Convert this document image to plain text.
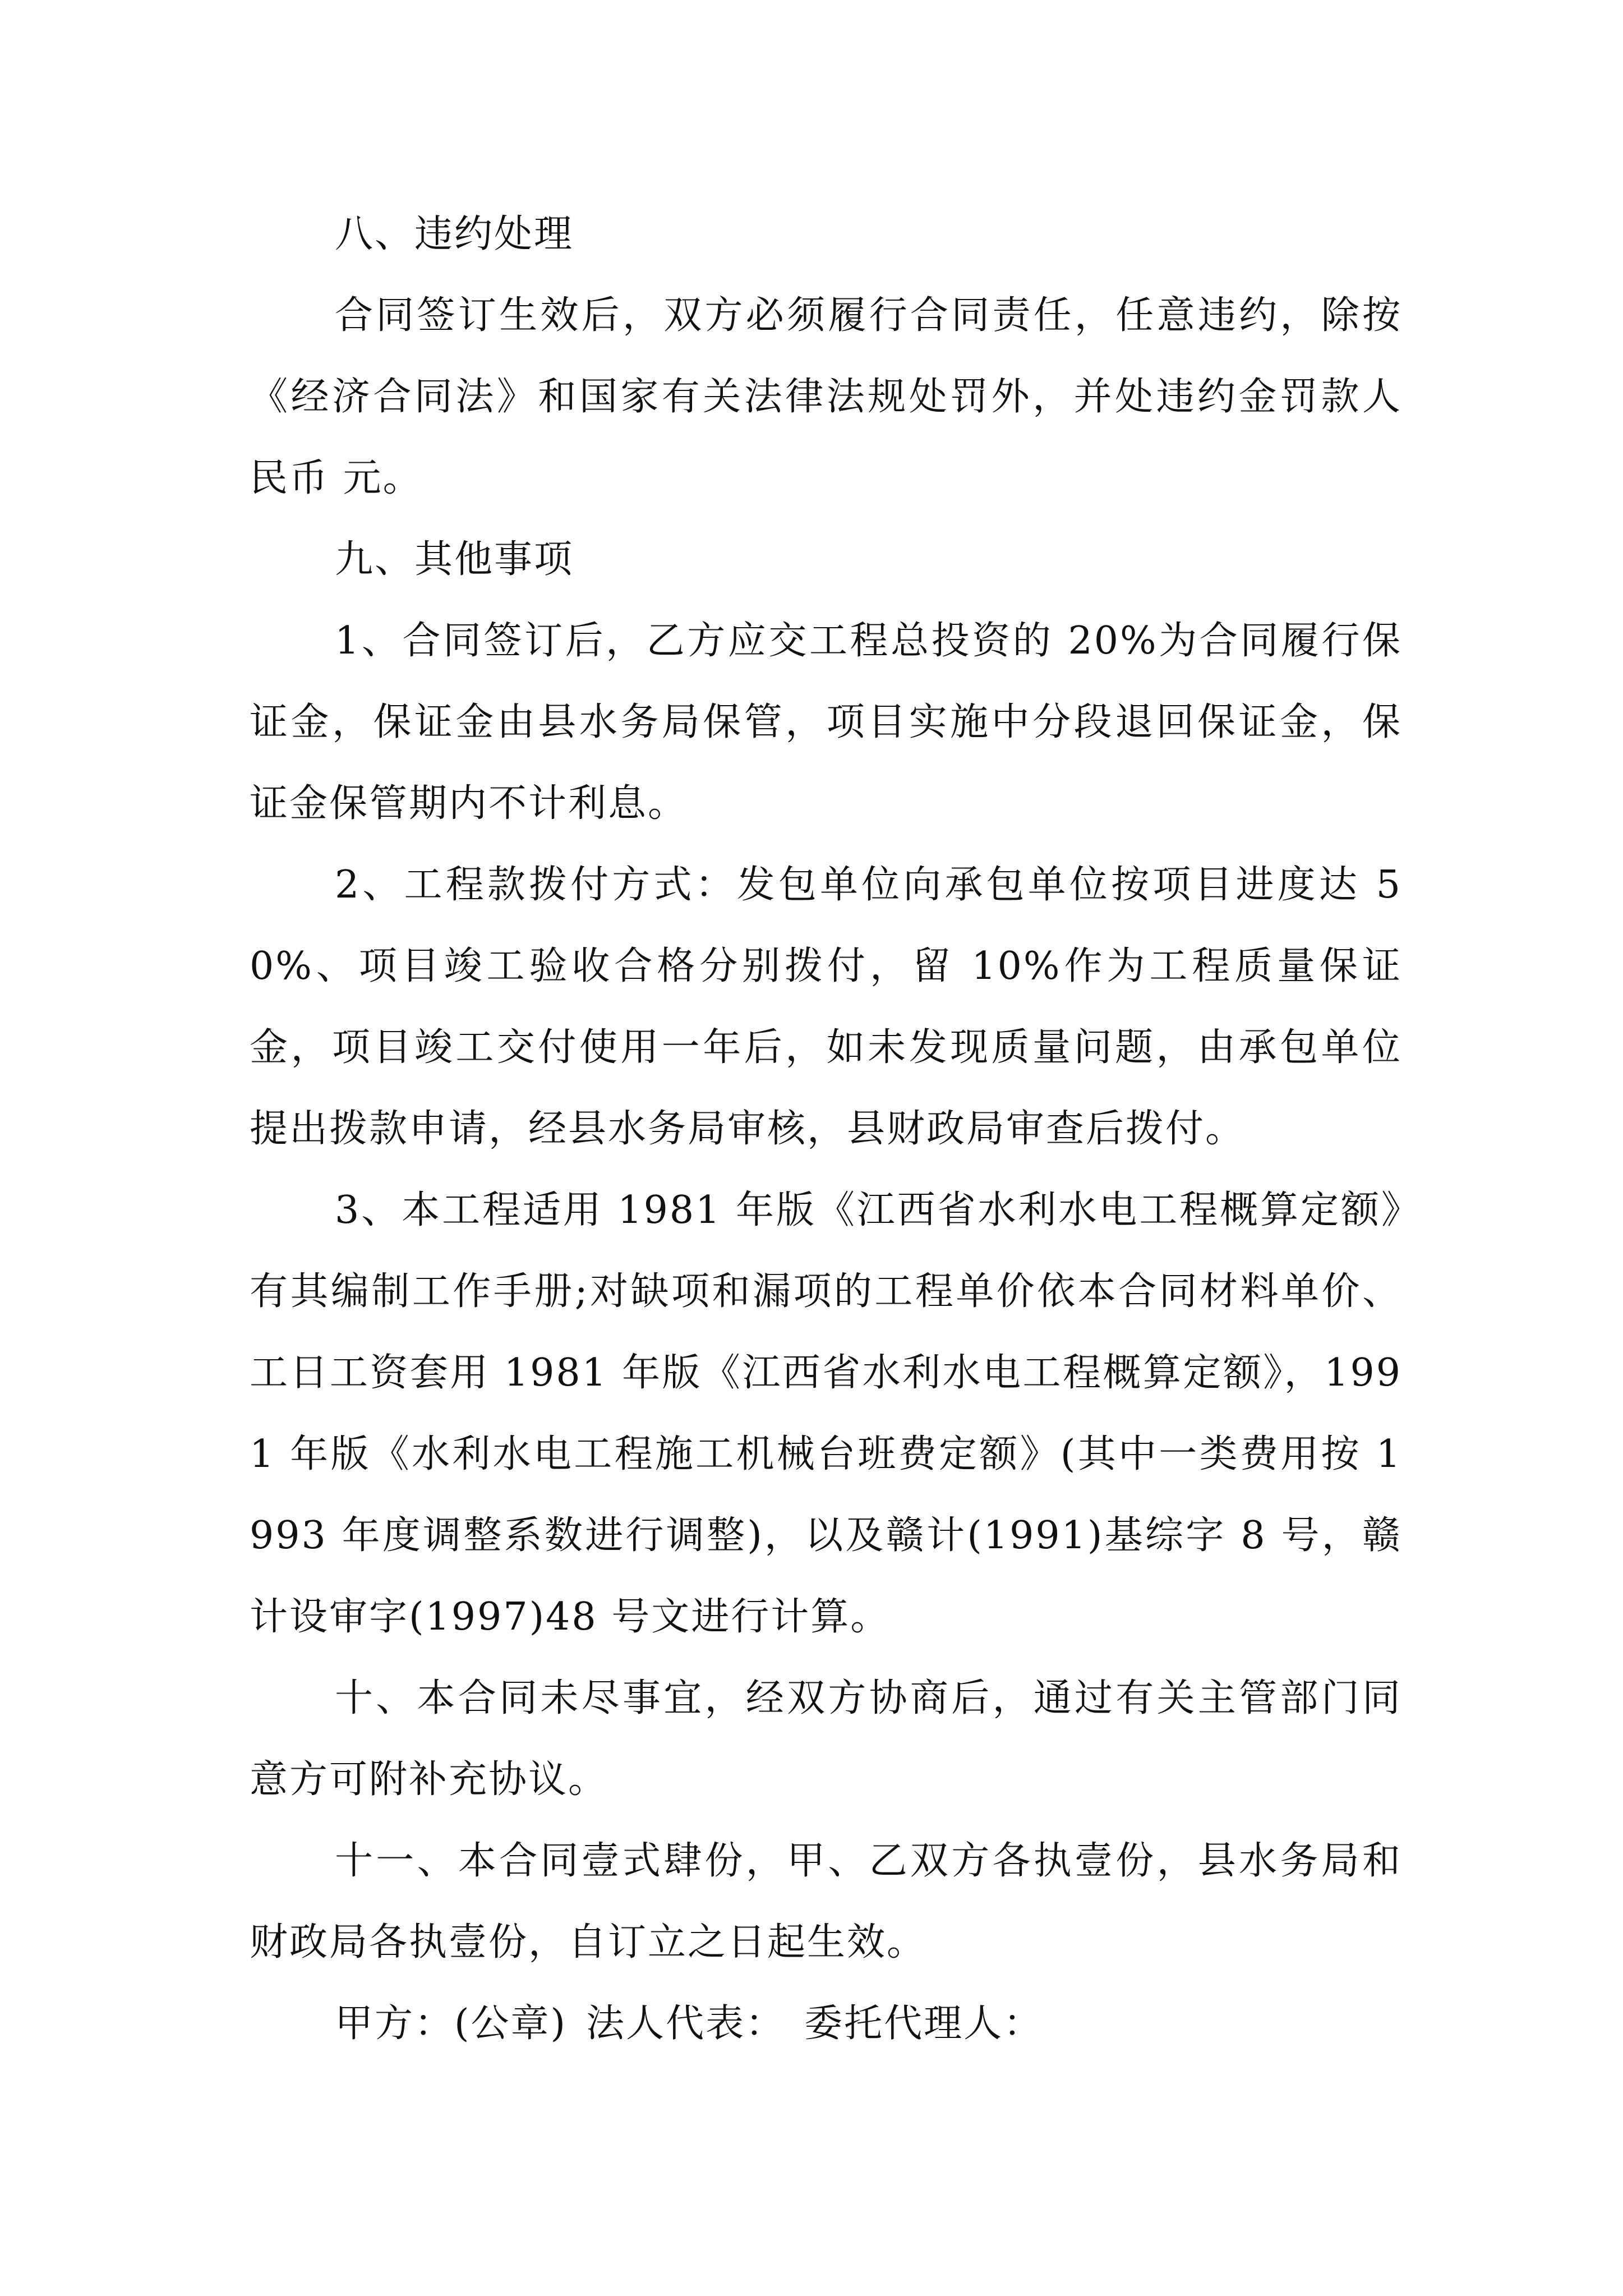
八、违约处理

合同签订生效后，双方必须履行合同责任，任意违约，除按《经济合同法》和国家有关法律法规处罚外，并处违约金罚款人民币 元。

九、其他事项

1、合同签订后，乙方应交工程总投资的 20%为合同履行保证金，保证金由县水务局保管，项目实施中分段退回保证金，保证金保管期内不计利息。

2、工程款拨付方式：发包单位向承包单位按项目进度达 50%、项目竣工验收合格分别拨付，留 10%作为工程质量保证金，项目竣工交付使用一年后，如未发现质量问题，由承包单位提出拨款申请，经县水务局审核，县财政局审查后拨付。

3、本工程适用 1981 年版《江西省水利水电工程概算定额》有其编制工作手册;对缺项和漏项的工程单价依本合同材料单价、工日工资套用 1981 年版《江西省水利水电工程概算定额》，1991 年版《水利水电工程施工机械台班费定额》(其中一类费用按 1993 年度调整系数进行调整)，以及赣计(1991)基综字 8 号，赣计设审字(1997)48 号文进行计算。

十、本合同未尽事宜，经双方协商后，通过有关主管部门同意方可附补充协议。

十一、本合同壹式肆份，甲、乙双方各执壹份，县水务局和财政局各执壹份，自订立之日起生效。

甲方：(公章) 法人代表： 委托代理人：
